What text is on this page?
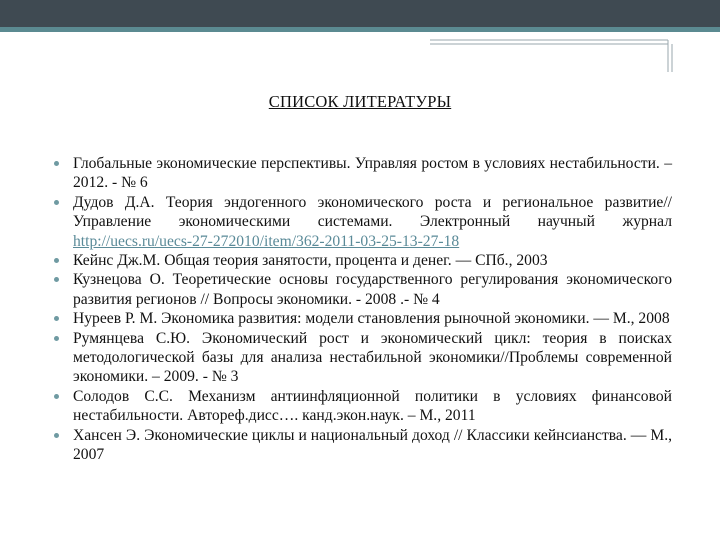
СПИСОК ЛИТЕРАТУРЫ
Глобальные экономические перспективы. Управляя ростом в условиях нестабильности. – 2012. - № 6
Дудов Д.А. Теория эндогенного экономического роста и региональное развитие//Управление экономическими системами. Электронный научный журнал http://uecs.ru/uecs-27-272010/item/362-2011-03-25-13-27-18
Кейнс Дж.М. Общая теория занятости, процента и денег. — СПб., 2003
Кузнецова О. Теоретические основы государственного регулирования экономического развития регионов // Вопросы экономики. - 2008 .- № 4
Нуреев Р. М. Экономика развития: модели становления рыночной экономики. — М., 2008
Румянцева С.Ю. Экономический рост и экономический цикл: теория в поисках методологической базы для анализа нестабильной экономики//Проблемы современной экономики. – 2009. - № 3
Солодов С.С. Механизм антиинфляционной политики в условиях финансовой нестабильности. Автореф.дисс…. канд.экон.наук. – М., 2011
Хансен Э. Экономические циклы и национальный доход // Классики кейнсианства. — М., 2007
